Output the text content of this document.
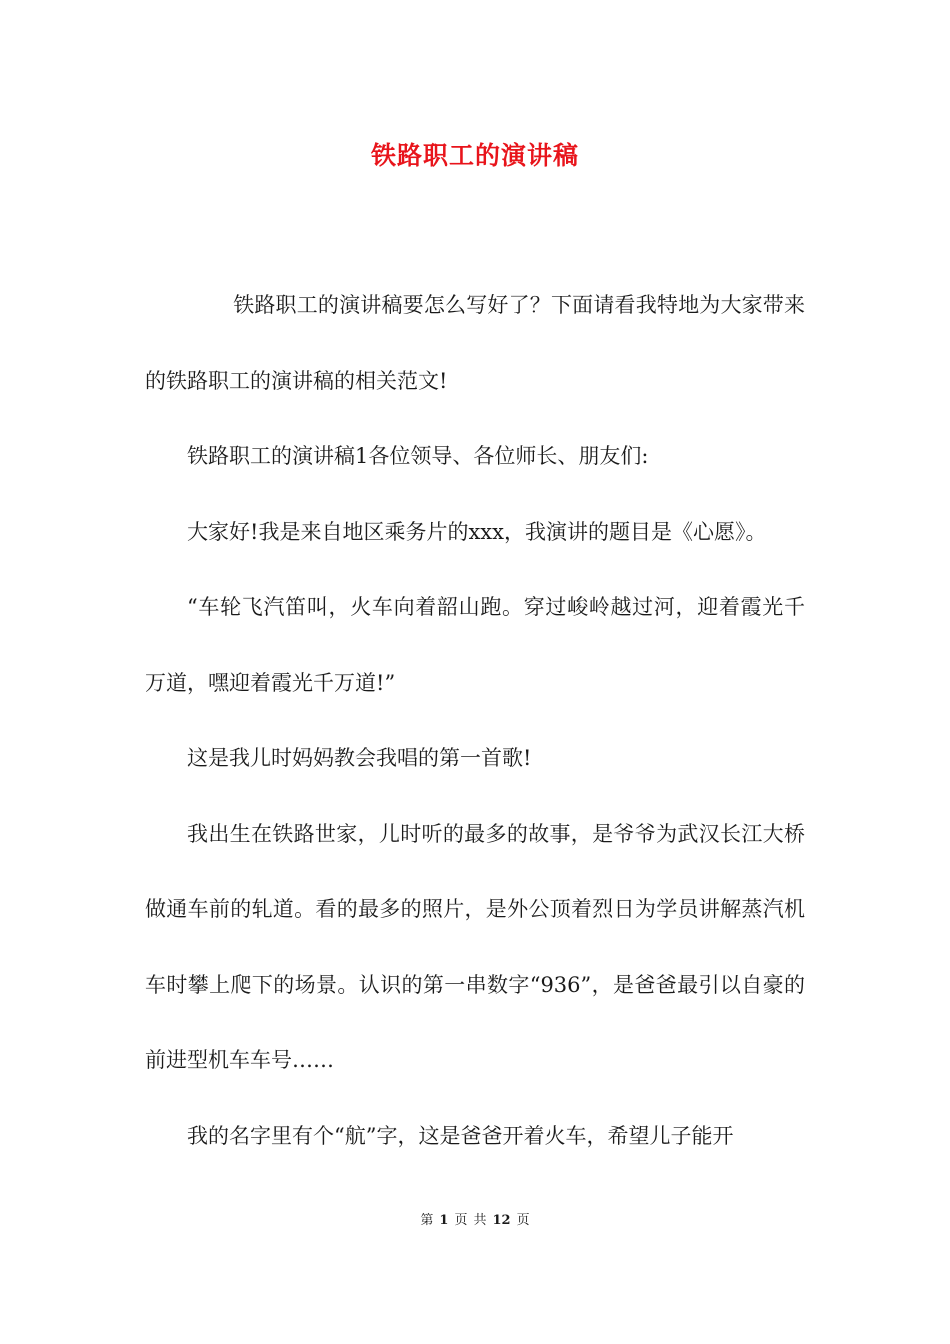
铁路职工的演讲稿

铁路职工的演讲稿要怎么写好了？下面请看我特地为大家带来的铁路职工的演讲稿的相关范文!

铁路职工的演讲稿1各位领导、各位师长、朋友们:

大家好!我是来自地区乘务片的xxx，我演讲的题目是《心愿》。

“车轮飞汽笛叫，火车向着韶山跑。穿过峻岭越过河，迎着霞光千万道，嘿迎着霞光千万道!”

这是我儿时妈妈教会我唱的第一首歌!

我出生在铁路世家，儿时听的最多的故事，是爷爷为武汉长江大桥做通车前的轧道。看的最多的照片，是外公顶着烈日为学员讲解蒸汽机车时攀上爬下的场景。认识的第一串数字“936”，是爸爸最引以自豪的前进型机车车号……

我的名字里有个“航”字，这是爸爸开着火车，希望儿子能开

第 1 页 共 12 页
